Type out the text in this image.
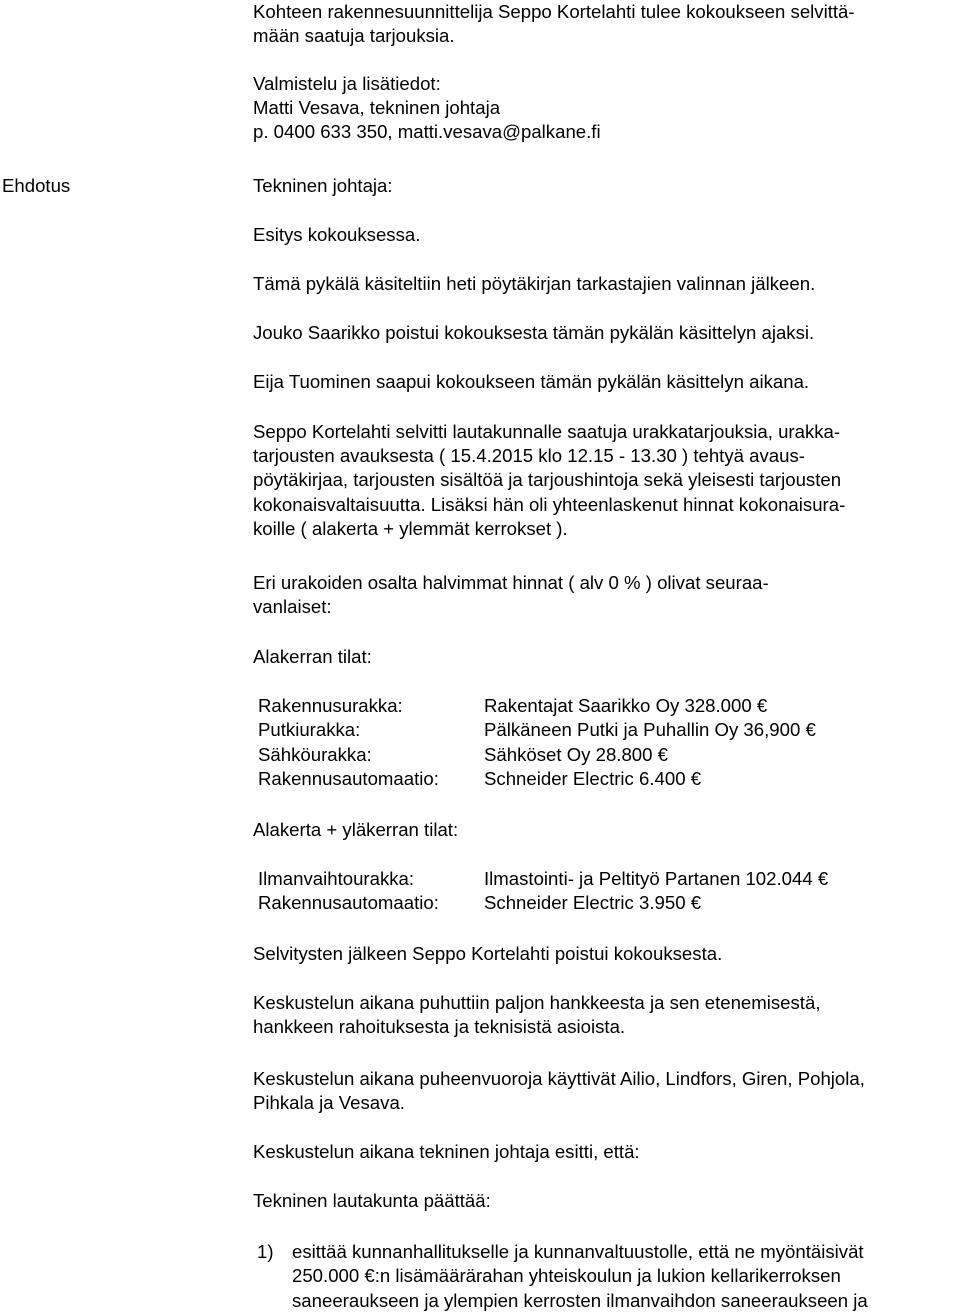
Kohteen rakennesuunnittelija Seppo Kortelahti tulee kokoukseen selvittä-
mään saatuja tarjouksia.
Valmistelu ja lisätiedot:
Matti Vesava, tekninen johtaja
p. 0400 633 350, matti.vesava@palkane.fi
Ehdotus	Tekninen johtaja:
Esitys kokouksessa.
Tämä pykälä käsiteltiin heti pöytäkirjan tarkastajien valinnan jälkeen.
Jouko Saarikko poistui kokouksesta tämän pykälän käsittelyn ajaksi.
Eija Tuominen saapui kokoukseen tämän pykälän käsittelyn aikana.
Seppo Kortelahti selvitti lautakunnalle saatuja urakkatarjouksia, urakka-
tarjousten avauksesta ( 15.4.2015 klo 12.15 - 13.30 ) tehtyä avaus-
pöytäkirjaa, tarjousten sisältöä ja tarjoushintoja sekä yleisesti tarjousten
kokonaisvaltaisuutta. Lisäksi hän oli yhteenlaskenut hinnat kokonaisura-
koille ( alakerta + ylemmät kerrokset ).
Eri urakoiden osalta halvimmat hinnat ( alv 0 % ) olivat seuraa-
vanlaiset:
Alakerran tilat:
Rakennusurakka:	Rakentajat Saarikko Oy 328.000 €
Putkiurakka:	Pälkäneen Putki ja Puhallin Oy 36,900 €
Sähköurakka:	Sähköset Oy 28.800 €
Rakennusautomaatio: Schneider Electric 6.400 €
Alakerta + yläkerran tilat:
Ilmanvaihtourakka:	Ilmastointi- ja Peltityö Partanen 102.044 €
Rakennusautomaatio: Schneider Electric 3.950 €
Selvitysten jälkeen Seppo Kortelahti poistui kokouksesta.
Keskustelun aikana puhuttiin paljon hankkeesta ja sen etenemisestä,
hankkeen rahoituksesta ja teknisistä asioista.
Keskustelun aikana puheenvuoroja käyttivät Ailio, Lindfors, Giren, Pohjola,
Pihkala ja Vesava.
Keskustelun aikana tekninen johtaja esitti, että:
Tekninen lautakunta päättää:
1) esittää kunnanhallitukselle ja kunnanvaltuustolle, että ne myöntäisivät
250.000 €:n lisämäärärahan yhteiskoulun ja lukion kellarikerroksen
saneeraukseen ja ylempien kerrosten ilmanvaihdon saneeraukseen ja
